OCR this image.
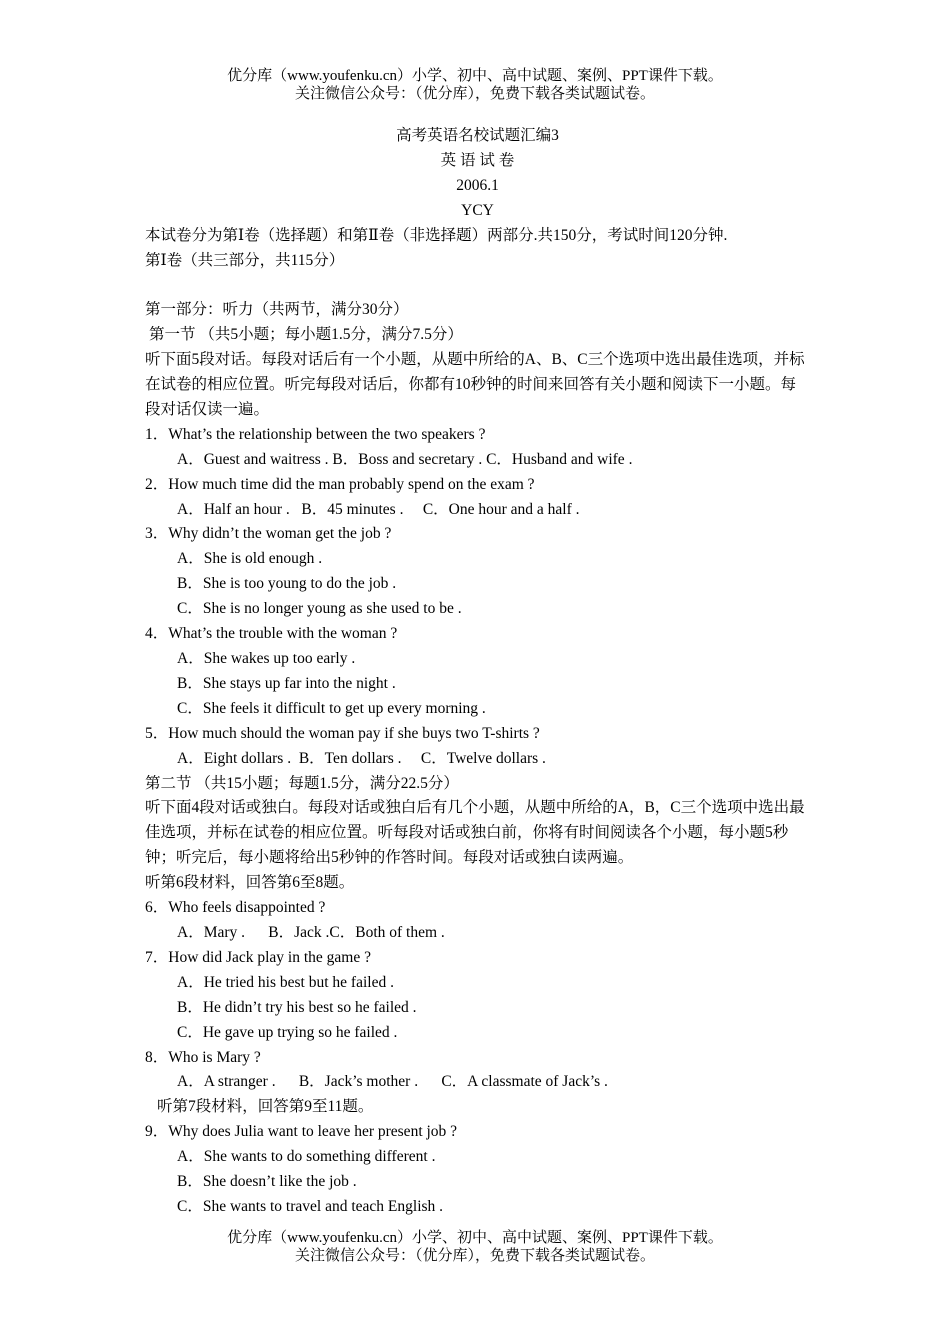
优分库（www.youfenku.cn）小学、初中、高中试题、案例、PPT课件下载。
关注微信公众号：（优分库），免费下载各类试题试卷。
高考英语名校试题汇编3
英 语 试 卷
2006.1
YCY
本试卷分为第Ⅰ卷（选择题）和第Ⅱ卷（非选择题）两部分.共150分，考试时间120分钟.
第Ⅰ卷（共三部分，共115分）
第一部分：听力（共两节，满分30分）
第一节 （共5小题；每小题1.5分，满分7.5分）
听下面5段对话。每段对话后有一个小题，从题中所给的A、B、C三个选项中选出最佳选项，并标在试卷的相应位置。听完每段对话后，你都有10秒钟的时间来回答有关小题和阅读下一小题。每段对话仅读一遍。
1．What’s the relationship between the two speakers ?
A．Guest and waitress . B．Boss and secretary . C．Husband and wife .
2．How much time did the man probably spend on the exam ?
A．Half an hour .   B．45 minutes .     C．One hour and a half .
3．Why didn’t the woman get the job ?
A．She is old enough .
B．She is too young to do the job .
C．She is no longer young as she used to be .
4．What’s the trouble with the woman ?
A．She wakes up too early .
B．She stays up far into the night .
C．She feels it difficult to get up every morning .
5．How much should the woman pay if she buys two T-shirts ?
A．Eight dollars .  B．Ten dollars .     C．Twelve dollars .
第二节 （共15小题；每题1.5分，满分22.5分）
听下面4段对话或独白。每段对话或独白后有几个小题，从题中所给的A，B，C三个选项中选出最佳选项，并标在试卷的相应位置。听每段对话或独白前，你将有时间阅读各个小题，每小题5秒钟；听完后，每小题将给出5秒钟的作答时间。每段对话或独白读两遍。
听第6段材料，回答第6至8题。
6．Who feels disappointed ?
A．Mary .      B．Jack .C．Both of them .
7．How did Jack play in the game ?
A．He tried his best but he failed .
B．He didn’t try his best so he failed .
C．He gave up trying so he failed .
8．Who is Mary ?
A．A stranger .      B．Jack’s mother .      C．A classmate of Jack’s .
听第7段材料，回答第9至11题。
9．Why does Julia want to leave her present job ?
A．She wants to do something different .
B．She doesn’t like the job .
C．She wants to travel and teach English .
优分库（www.youfenku.cn）小学、初中、高中试题、案例、PPT课件下载。
关注微信公众号：（优分库），免费下载各类试题试卷。
